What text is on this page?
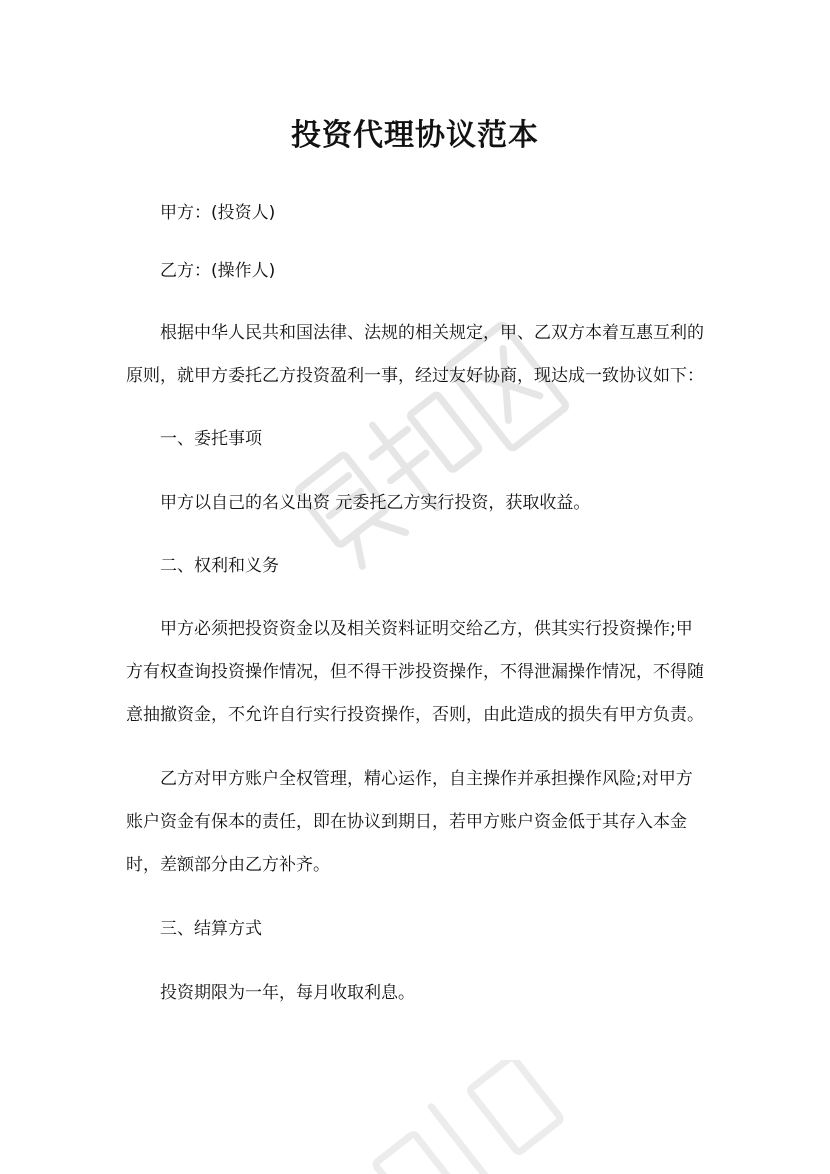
投资代理协议范本

甲方：(投资人)

乙方：(操作人)

根据中华人民共和国法律、法规的相关规定，甲、乙双方本着互惠互利的原则，就甲方委托乙方投资盈利一事，经过友好协商，现达成一致协议如下：

一、委托事项

甲方以自己的名义出资 元委托乙方实行投资，获取收益。

二、权利和义务

甲方必须把投资资金以及相关资料证明交给乙方，供其实行投资操作;甲方有权查询投资操作情况，但不得干涉投资操作，不得泄漏操作情况，不得随意抽撤资金，不允许自行实行投资操作，否则，由此造成的损失有甲方负责。

乙方对甲方账户全权管理，精心运作，自主操作并承担操作风险;对甲方账户资金有保本的责任，即在协议到期日，若甲方账户资金低于其存入本金时，差额部分由乙方补齐。

三、结算方式

投资期限为一年，每月收取利息。
